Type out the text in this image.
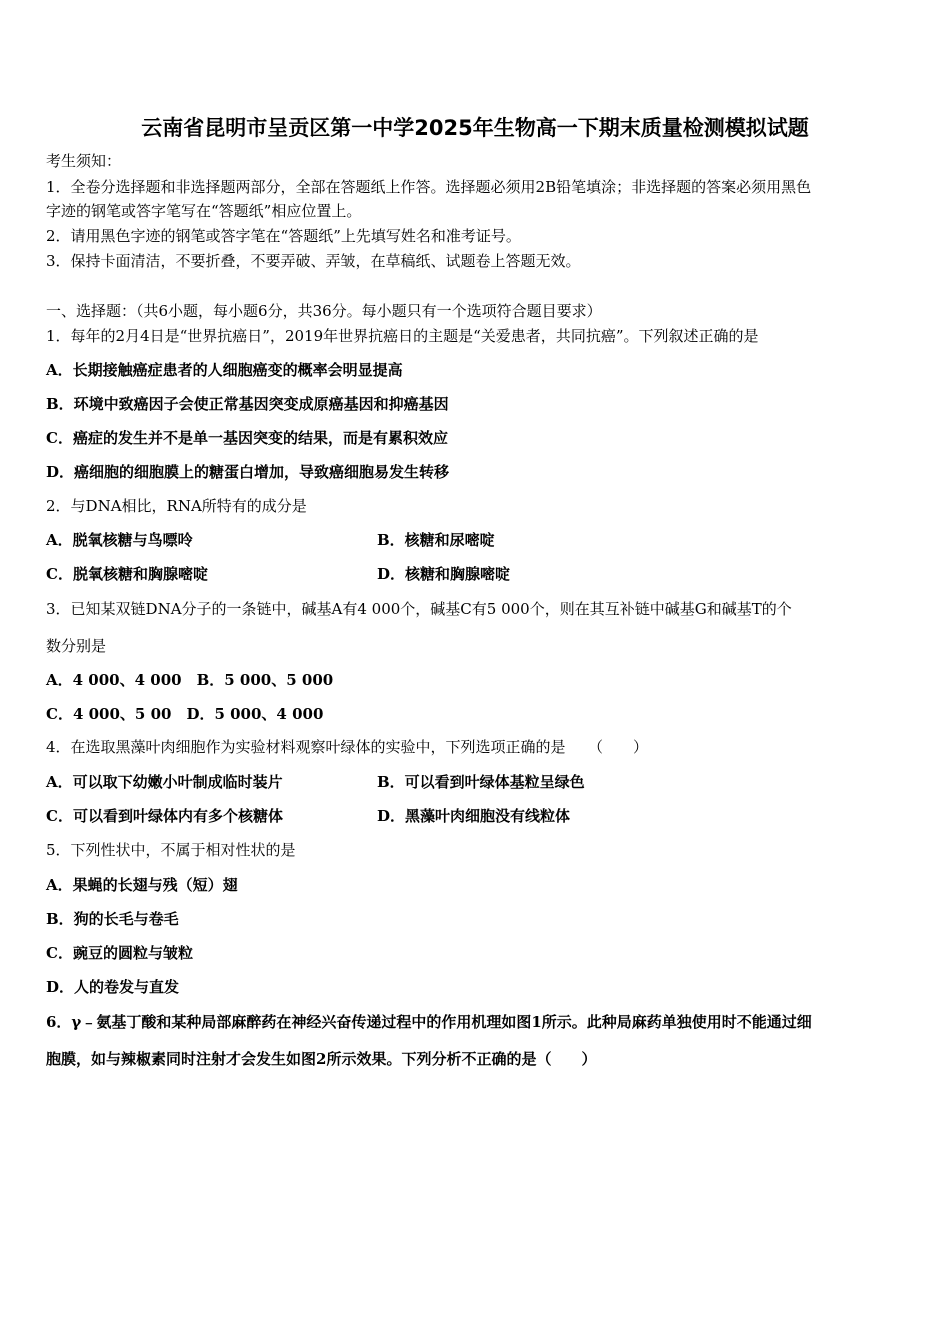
云南省昆明市呈贡区第一中学2025年生物高一下期末质量检测模拟试题
考生须知：
1．全卷分选择题和非选择题两部分，全部在答题纸上作答。选择题必须用2B铅笔填涂；非选择题的答案必须用黑色
字迹的钢笔或答字笔写在“答题纸”相应位置上。
2．请用黑色字迹的钢笔或答字笔在“答题纸”上先填写姓名和准考证号。
3．保持卡面清洁，不要折叠，不要弄破、弄皱，在草稿纸、试题卷上答题无效。
一、选择题：（共6小题，每小题6分，共36分。每小题只有一个选项符合题目要求）
1．每年的2月4日是“世界抗癌日”，2019年世界抗癌日的主题是“关爱患者，共同抗癌”。下列叙述正确的是
A．长期接触癌症患者的人细胞癌变的概率会明显提高
B．环境中致癌因子会使正常基因突变成原癌基因和抑癌基因
C．癌症的发生并不是单一基因突变的结果，而是有累积效应
D．癌细胞的细胞膜上的糖蛋白增加，导致癌细胞易发生转移
2．与DNA相比，RNA所特有的成分是
A．脱氧核糖与鸟嘌呤	B．核糖和尿嘧啶
C．脱氧核糖和胸腺嘧啶	D．核糖和胸腺嘧啶
3．已知某双链DNA分子的一条链中，碱基A有4 000个，碱基C有5 000个，则在其互补链中碱基G和碱基T的个
数分别是
A．4 000、4 000　B．5 000、5 000
C．4 000、5 00　D．5 000、4 000
4．在选取黑藻叶肉细胞作为实验材料观察叶绿体的实验中，下列选项正确的是　　（　　）
A．可以取下幼嫩小叶制成临时装片	B．可以看到叶绿体基粒呈绿色
C．可以看到叶绿体内有多个核糖体	D．黑藻叶肉细胞没有线粒体
5．下列性状中，不属于相对性状的是
A．果蝇的长翅与残（短）翅
B．狗的长毛与卷毛
C．豌豆的圆粒与皱粒
D．人的卷发与直发
6．γ﹣氨基丁酸和某种局部麻醉药在神经兴奋传递过程中的作用机理如图1所示。此种局麻药单独使用时不能通过细
胞膜，如与辣椒素同时注射才会发生如图2所示效果。下列分析不正确的是（　　）
